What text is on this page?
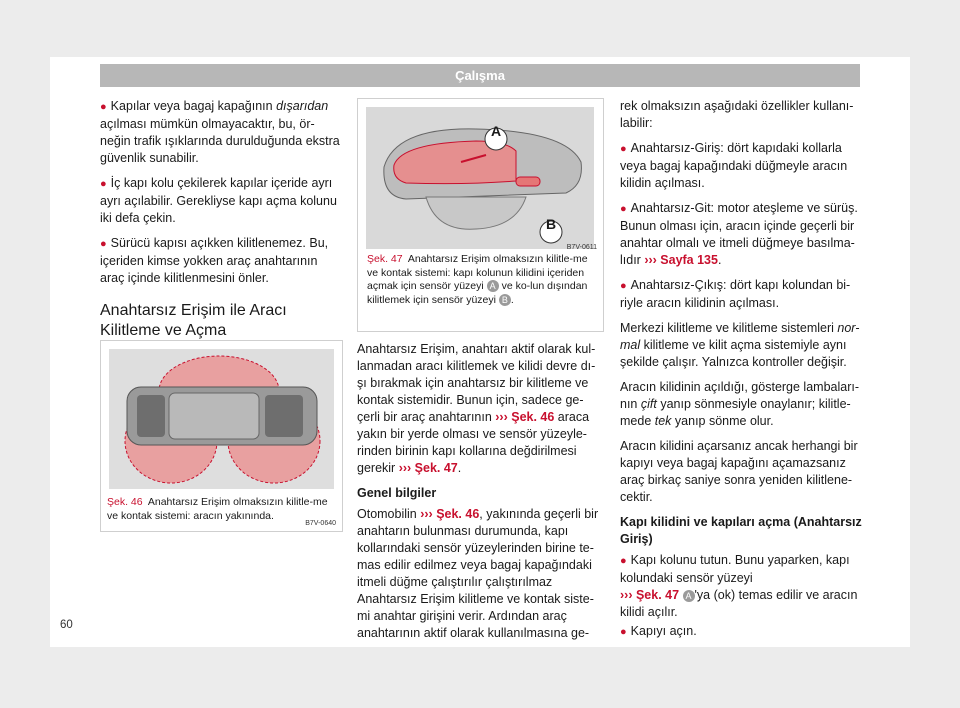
Çalışma

● Kapılar veya bagaj kapağının dışarıdan açılması mümkün olmayacaktır, bu, ör-neğin trafik ışıklarında durulduğunda ekstra güvenlik sunabilir.

● İç kapı kolu çekilerek kapılar içeride ayrı ayrı açılabilir. Gerekliyse kapı açma kolunu iki defa çekin.

● Sürücü kapısı açıkken kilitlenemez. Bu, içeriden kimse yokken araç anahtarının araç içinde kilitlenmesini önler.

Anahtarsız Erişim ile Aracı Kilitleme ve Açma
B7V-0640
Şek. 46 Anahtarsız Erişim olmaksızın kilitle-me ve kontak sistemi: aracın yakınında.
A
B
B7V-0611
Şek. 47 Anahtarsız Erişim olmaksızın kilitle-me ve kontak sistemi: kapı kolunun kilidini içeriden açmak için sensör yüzeyi A ve ko-lun dışından kilitlemek için sensör yüzeyi B .

Anahtarsız Erişim, anahtarı aktif olarak kul-lanmadan aracı kilitlemek ve kilidi devre dı-şı bırakmak için anahtarsız bir kilitleme ve kontak sistemidir. Bunun için, sadece ge-çerli bir araç anahtarının ››› Şek. 46 araca yakın bir yerde olması ve sensör yüzeyle-rinden birinin kapı kollarına değdirilmesi gerekir ››› Şek. 47.

Genel bilgiler

Otomobilin ››› Şek. 46, yakınında geçerli bir anahtarın bulunması durumunda, kapı kollarındaki sensör yüzeylerinden birine te-mas edilir edilmez veya bagaj kapağındaki itmeli düğme çalıştırılır çalıştırılmaz Anahtarsız Erişim kilitleme ve kontak siste-mi anahtar girişini verir. Ardından araç anahtarının aktif olarak kullanılmasına ge-

rek olmaksızın aşağıdaki özellikler kullanı-labilir:

● Anahtarsız-Giriş: dört kapıdaki kollarla veya bagaj kapağındaki düğmeyle aracın kilidin açılması.

● Anahtarsız-Git: motor ateşleme ve sürüş. Bunun olması için, aracın içinde geçerli bir anahtar olmalı ve itmeli düğmeye basılma-lıdır ››› Sayfa 135.

● Anahtarsız-Çıkış: dört kapı kolundan bi-riyle aracın kilidinin açılması.

Merkezi kilitleme ve kilitleme sistemleri nor-mal kilitleme ve kilit açma sistemiyle aynı şekilde çalışır. Yalnızca kontroller değişir.

Aracın kilidinin açıldığı, gösterge lambaları-nın çift yanıp sönmesiyle onaylanır; kilitle-mede tek yanıp sönme olur.

Aracın kilidini açarsanız ancak herhangi bir kapıyı veya bagaj kapağını açamazsanız araç birkaç saniye sonra yeniden kilitlene-cektir.

Kapı kilidini ve kapıları açma (Anahtarsız Giriş)

● Kapı kolunu tutun. Bunu yaparken, kapı kolundaki sensör yüzeyi
››› Şek. 47 A 'ya (ok) temas edilir ve aracın kilidi açılır.

● Kapıyı açın.

60
